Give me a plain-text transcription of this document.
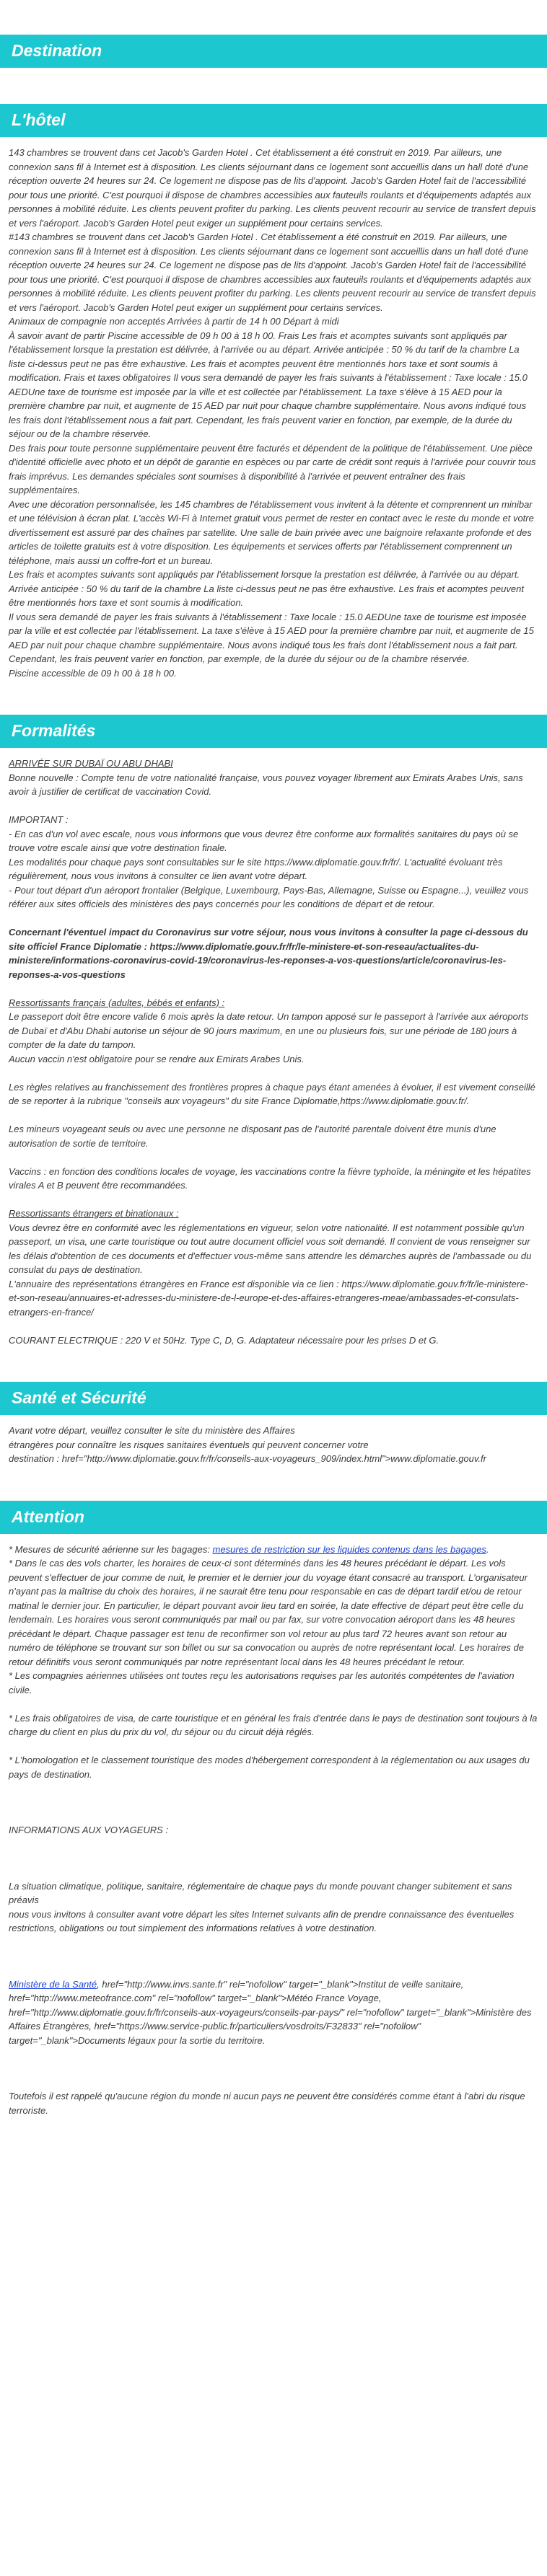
Destination
L'hôtel

143 chambres se trouvent dans cet Jacob's Garden Hotel . Cet établissement a été construit en 2019. Par ailleurs, une connexion sans fil à Internet est à disposition. Les clients séjournant dans ce logement sont accueillis dans un hall doté d'une réception ouverte 24 heures sur 24. Ce logement ne dispose pas de lits d'appoint. Jacob's Garden Hotel fait de l'accessibilité pour tous une priorité. C'est pourquoi il dispose de chambres accessibles aux fauteuils roulants et d'équipements adaptés aux personnes à mobilité réduite. Les clients peuvent profiter du parking. Les clients peuvent recourir au service de transfert depuis et vers l'aéroport. Jacob's Garden Hotel peut exiger un supplément pour certains services.

#143 chambres se trouvent dans cet Jacob's Garden Hotel . Cet établissement a été construit en 2019. Par ailleurs, une connexion sans fil à Internet est à disposition. Les clients séjournant dans ce logement sont accueillis dans un hall doté d'une réception ouverte 24 heures sur 24. Ce logement ne dispose pas de lits d'appoint. Jacob's Garden Hotel fait de l'accessibilité pour tous une priorité. C'est pourquoi il dispose de chambres accessibles aux fauteuils roulants et d'équipements adaptés aux personnes à mobilité réduite. Les clients peuvent profiter du parking. Les clients peuvent recourir au service de transfert depuis et vers l'aéroport. Jacob's Garden Hotel peut exiger un supplément pour certains services.

Animaux de compagnie non acceptés Arrivées à partir de 14 h 00 Départ à midi

À savoir avant de partir Piscine accessible de 09 h 00 à 18 h 00. Frais Les frais et acomptes suivants sont appliqués par l'établissement lorsque la prestation est délivrée, à l'arrivée ou au départ. Arrivée anticipée : 50 % du tarif de la chambre La liste ci-dessus peut ne pas être exhaustive. Les frais et acomptes peuvent être mentionnés hors taxe et sont soumis à modification. Frais et taxes obligatoires Il vous sera demandé de payer les frais suivants à l'établissement : Taxe locale : 15.0 AEDUne taxe de tourisme est imposée par la ville et est collectée par l'établissement. La taxe s'élève à 15 AED pour la première chambre par nuit, et augmente de 15 AED par nuit pour chaque chambre supplémentaire. Nous avons indiqué tous les frais dont l'établissement nous a fait part. Cependant, les frais peuvent varier en fonction, par exemple, de la durée du séjour ou de la chambre réservée.

Des frais pour toute personne supplémentaire peuvent être facturés et dépendent de la politique de l'établissement. Une pièce d'identité officielle avec photo et un dépôt de garantie en espèces ou par carte de crédit sont requis à l'arrivée pour couvrir tous frais imprévus. Les demandes spéciales sont soumises à disponibilité à l'arrivée et peuvent entraîner des frais supplémentaires.

Avec une décoration personnalisée, les 145 chambres de l'établissement vous invitent à la détente et comprennent un minibar et une télévision à écran plat. L'accès Wi-Fi à Internet gratuit vous permet de rester en contact avec le reste du monde et votre divertissement est assuré par des chaînes par satellite. Une salle de bain privée avec une baignoire relaxante profonde et des articles de toilette gratuits est à votre disposition. Les équipements et services offerts par l'établissement comprennent un téléphone, mais aussi un coffre-fort et un bureau.

Les frais et acomptes suivants sont appliqués par l'établissement lorsque la prestation est délivrée, à l'arrivée ou au départ. Arrivée anticipée : 50 % du tarif de la chambre La liste ci-dessus peut ne pas être exhaustive. Les frais et acomptes peuvent être mentionnés hors taxe et sont soumis à modification.

Il vous sera demandé de payer les frais suivants à l'établissement : Taxe locale : 15.0 AEDUne taxe de tourisme est imposée par la ville et est collectée par l'établissement. La taxe s'élève à 15 AED pour la première chambre par nuit, et augmente de 15 AED par nuit pour chaque chambre supplémentaire. Nous avons indiqué tous les frais dont l'établissement nous a fait part. Cependant, les frais peuvent varier en fonction, par exemple, de la durée du séjour ou de la chambre réservée.

Piscine accessible de 09 h 00 à 18 h 00.

Formalités

ARRIVÉE SUR DUBAÏ OU ABU DHABI

Bonne nouvelle : Compte tenu de votre nationalité française, vous pouvez voyager librement aux Emirats Arabes Unis, sans avoir à justifier de certificat de vaccination Covid.

IMPORTANT :

- En cas d'un vol avec escale, nous vous informons que vous devrez être conforme aux formalités sanitaires du pays où se trouve votre escale ainsi que votre destination finale.

Les modalités pour chaque pays sont consultables sur le site https://www.diplomatie.gouv.fr/fr/. L'actualité évoluant très régulièrement, nous vous invitons à consulter ce lien avant votre départ.

- Pour tout départ d'un aéroport frontalier (Belgique, Luxembourg, Pays-Bas, Allemagne, Suisse ou Espagne...), veuillez vous référer aux sites officiels des ministères des pays concernés pour les conditions de départ et de retour.

Concernant l'éventuel impact du Coronavirus sur votre séjour, nous vous invitons à consulter la page ci-dessous du site officiel France Diplomatie : https://www.diplomatie.gouv.fr/fr/le-ministere-et-son-reseau/actualites-du-ministere/informations-coronavirus-covid-19/coronavirus-les-reponses-a-vos-questions/article/coronavirus-les-reponses-a-vos-questions

Ressortissants français (adultes, bébés et enfants) :

Le passeport doit être encore valide 6 mois après la date retour. Un tampon apposé sur le passeport à l'arrivée aux aéroports de Dubaï et d'Abu Dhabi autorise un séjour de 90 jours maximum, en une ou plusieurs fois, sur une période de 180 jours à compter de la date du tampon.

Aucun vaccin n'est obligatoire pour se rendre aux Emirats Arabes Unis.

Les règles relatives au franchissement des frontières propres à chaque pays étant amenées à évoluer, il est vivement conseillé de se reporter à la rubrique "conseils aux voyageurs" du site France Diplomatie,https://www.diplomatie.gouv.fr/.

Les mineurs voyageant seuls ou avec une personne ne disposant pas de l'autorité parentale doivent être munis d'une autorisation de sortie de territoire.

Vaccins : en fonction des conditions locales de voyage, les vaccinations contre la fièvre typhoïde, la méningite et les hépatites virales A et B peuvent être recommandées.

Ressortissants étrangers et binationaux :

Vous devrez être en conformité avec les réglementations en vigueur, selon votre nationalité. Il est notamment possible qu'un passeport, un visa, une carte touristique ou tout autre document officiel vous soit demandé. Il convient de vous renseigner sur les délais d'obtention de ces documents et d'effectuer vous-même sans attendre les démarches auprès de l'ambassade ou du consulat du pays de destination.

L'annuaire des représentations étrangères en France est disponible via ce lien : https://www.diplomatie.gouv.fr/fr/le-ministere-et-son-reseau/annuaires-et-adresses-du-ministere-de-l-europe-et-des-affaires-etrangeres-meae/ambassades-et-consulats-etrangers-en-france/

COURANT ELECTRIQUE : 220 V et 50Hz. Type C, D, G. Adaptateur nécessaire pour les prises D et G.

Santé et Sécurité

Avant votre départ, veuillez consulter le site du ministère des Affaires

étrangères pour connaître les risques sanitaires éventuels qui peuvent concerner votre

destination : href="http://www.diplomatie.gouv.fr/fr/conseils-aux-voyageurs_909/index.html">www.diplomatie.gouv.fr

Attention

* Mesures de sécurité aérienne sur les bagages: mesures de restriction sur les liquides contenus dans les bagages.

* Dans le cas des vols charter, les horaires de ceux-ci sont déterminés dans les 48 heures précédant le départ. Les vols peuvent s'effectuer de jour comme de nuit, le premier et le dernier jour du voyage étant consacré au transport. L'organisateur n'ayant pas la maîtrise du choix des horaires, il ne saurait être tenu pour responsable en cas de départ tardif et/ou de retour matinal le dernier jour. En particulier, le départ pouvant avoir lieu tard en soirée, la date effective de départ peut être celle du lendemain. Les horaires vous seront communiqués par mail ou par fax, sur votre convocation aéroport dans les 48 heures précédant le départ. Chaque passager est tenu de reconfirmer son vol retour au plus tard 72 heures avant son retour au numéro de téléphone se trouvant sur son billet ou sur sa convocation ou auprès de notre représentant local. Les horaires de retour définitifs vous seront communiqués par notre représentant local dans les 48 heures précédant le retour.

* Les compagnies aériennes utilisées ont toutes reçu les autorisations requises par les autorités compétentes de l'aviation civile.

* Les frais obligatoires de visa, de carte touristique et en général les frais d'entrée dans le pays de destination sont toujours à la charge du client en plus du prix du vol, du séjour ou du circuit déjà réglés.

* L'homologation et le classement touristique des modes d'hébergement correspondent à la réglementation ou aux usages du pays de destination.

INFORMATIONS AUX VOYAGEURS :

La situation climatique, politique, sanitaire, réglementaire de chaque pays du monde pouvant changer subitement et sans préavis

nous vous invitons à consulter avant votre départ les sites Internet suivants afin de prendre connaissance des éventuelles restrictions, obligations ou tout simplement des informations relatives à votre destination.

Ministère de la Santé, href="http://www.invs.sante.fr" rel="nofollow" target="_blank">Institut de veille sanitaire, href="http://www.meteofrance.com" rel="nofollow" target="_blank">Météo France Voyage, href="http://www.diplomatie.gouv.fr/fr/conseils-aux-voyageurs/conseils-par-pays/" rel="nofollow" target="_blank">Ministère des Affaires Étrangères, href="https://www.service-public.fr/particuliers/vosdroits/F32833" rel="nofollow" target="_blank">Documents légaux pour la sortie du territoire.

Toutefois il est rappelé qu'aucune région du monde ni aucun pays ne peuvent être considérés comme étant à l'abri du risque terroriste.
